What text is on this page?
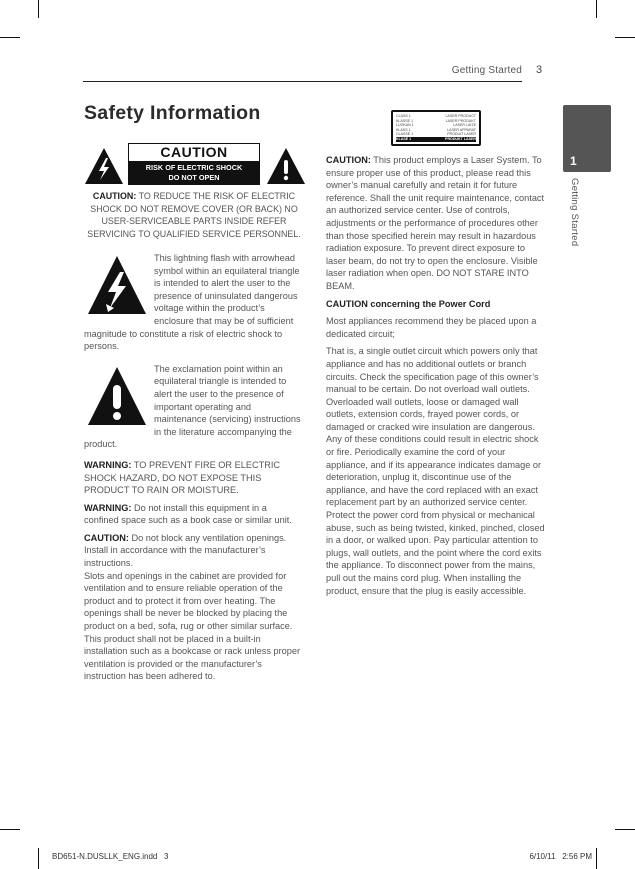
Getting Started 3
Safety Information
CAUTION
RISK OF ELECTRIC SHOCK
DO NOT OPEN
CAUTION: TO REDUCE THE RISK OF ELECTRIC SHOCK DO NOT REMOVE COVER (OR BACK) NO USER-SERVICEABLE PARTS INSIDE REFER SERVICING TO QUALIFIED SERVICE PERSONNEL.

This lightning flash with arrowhead symbol within an equilateral triangle is intended to alert the user to the presence of uninsulated dangerous voltage within the product’s enclosure that may be of sufficient magnitude to constitute a risk of electric shock to persons.

The exclamation point within an equilateral triangle is intended to alert the user to the presence of important operating and maintenance (servicing) instructions in the literature accompanying the product.

WARNING: TO PREVENT FIRE OR ELECTRIC SHOCK HAZARD, DO NOT EXPOSE THIS PRODUCT TO RAIN OR MOISTURE.

WARNING: Do not install this equipment in a confined space such as a book case or similar unit.

CAUTION: Do not block any ventilation openings. Install in accordance with the manufacturer’s instructions.

Slots and openings in the cabinet are provided for ventilation and to ensure reliable operation of the product and to protect it from over heating. The openings shall be never be blocked by placing the product on a bed, sofa, rug or other similar surface. This product shall not be placed in a built-in installation such as a bookcase or rack unless proper ventilation is provided or the manufacturer’s instruction has been adhered to.

CLASS 1	LASER PRODUCT
KLASSE 1	LASER PRODUKT
LUOKAN 1	LASER LAITE
KLASS 1	LASER APPARAT
CLASSE 1	PRODUIT LASER
KLASE 1	PRODUKT LASER

CAUTION: This product employs a Laser System. To ensure proper use of this product, please read this owner’s manual carefully and retain it for future reference. Shall the unit require maintenance, contact an authorized service center. Use of controls, adjustments or the performance of procedures other than those specified herein may result in hazardous radiation exposure. To prevent direct exposure to laser beam, do not try to open the enclosure. Visible laser radiation when open. DO NOT STARE INTO BEAM.

CAUTION concerning the Power Cord

Most appliances recommend they be placed upon a dedicated circuit;

That is, a single outlet circuit which powers only that appliance and has no additional outlets or branch circuits. Check the specification page of this owner’s manual to be certain. Do not overload wall outlets. Overloaded wall outlets, loose or damaged wall outlets, extension cords, frayed power cords, or damaged or cracked wire insulation are dangerous. Any of these conditions could result in electric shock or fire. Periodically examine the cord of your appliance, and if its appearance indicates damage or deterioration, unplug it, discontinue use of the appliance, and have the cord replaced with an exact replacement part by an authorized service center. Protect the power cord from physical or mechanical abuse, such as being twisted, kinked, pinched, closed in a door, or walked upon. Pay particular attention to plugs, wall outlets, and the point where the cord exits the appliance. To disconnect power from the mains, pull out the mains cord plug. When installing the product, ensure that the plug is easily accessible.

1
Getting Started
BD651-N.DUSLLK_ENG.indd   3	6/10/11   2:56 PM
